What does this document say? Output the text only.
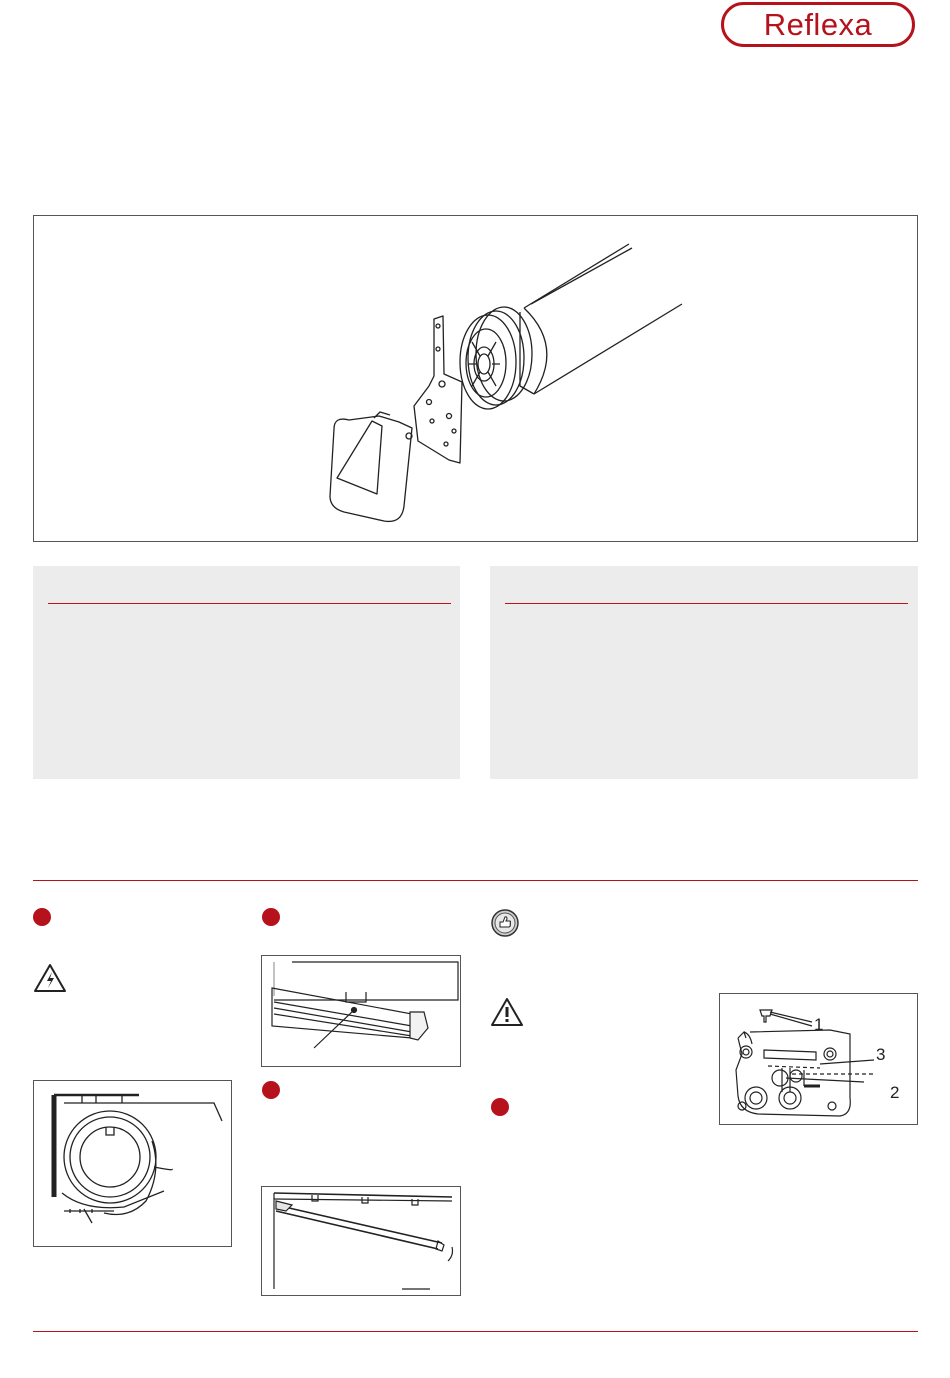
Reflexa
1
3
2
